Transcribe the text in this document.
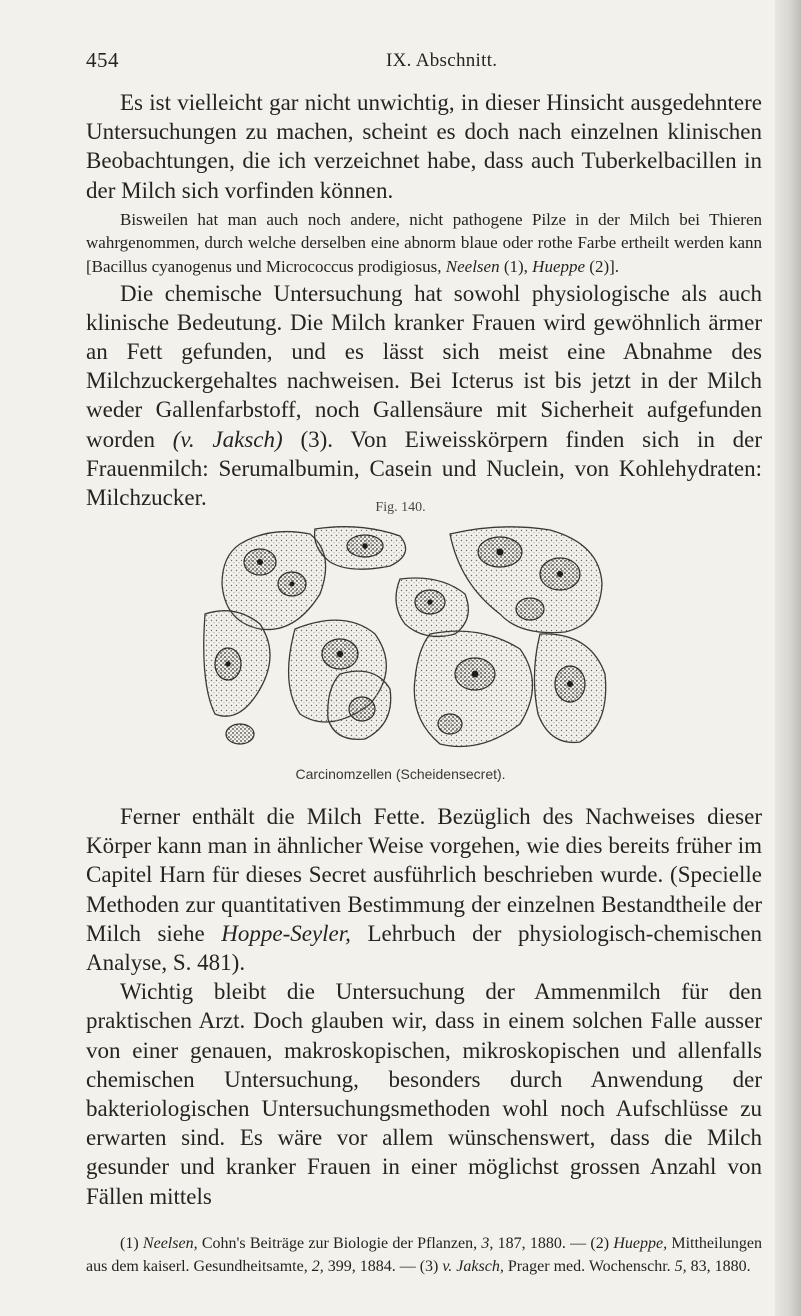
454	IX. Abschnitt.

Es ist vielleicht gar nicht unwichtig, in dieser Hinsicht ausgedehntere Untersuchungen zu machen, scheint es doch nach einzelnen klinischen Beobachtungen, die ich verzeichnet habe, dass auch Tuberkelbacillen in der Milch sich vorfinden können.

Bisweilen hat man auch noch andere, nicht pathogene Pilze in der Milch bei Thieren wahrgenommen, durch welche derselben eine abnorm blaue oder rothe Farbe ertheilt werden kann [Bacillus cyanogenus und Micrococcus prodigiosus, Neelsen (1), Hueppe (2)].

Die chemische Untersuchung hat sowohl physiologische als auch klinische Bedeutung. Die Milch kranker Frauen wird gewöhnlich ärmer an Fett gefunden, und es lässt sich meist eine Abnahme des Milchzuckergehaltes nachweisen. Bei Icterus ist bis jetzt in der Milch weder Gallenfarbstoff, noch Gallensäure mit Sicherheit aufgefunden worden (v. Jaksch) (3). Von Eiweisskörpern finden sich in der Frauenmilch: Serumalbumin, Casein und Nuclein, von Kohlehydraten: Milchzucker.	Fig. 140.
Carcinomzellen (Scheidensecret).

Ferner enthält die Milch Fette. Bezüglich des Nachweises dieser Körper kann man in ähnlicher Weise vorgehen, wie dies bereits früher im Capitel Harn für dieses Secret ausführlich beschrieben wurde. (Specielle Methoden zur quantitativen Bestimmung der einzelnen Bestandtheile der Milch siehe Hoppe-Seyler, Lehrbuch der physiologisch-chemischen Analyse, S. 481).

Wichtig bleibt die Untersuchung der Ammenmilch für den praktischen Arzt. Doch glauben wir, dass in einem solchen Falle ausser von einer genauen, makroskopischen, mikroskopischen und allenfalls chemischen Untersuchung, besonders durch Anwendung der bakteriologischen Untersuchungsmethoden wohl noch Aufschlüsse zu erwarten sind. Es wäre vor allem wünschenswert, dass die Milch gesunder und kranker Frauen in einer möglichst grossen Anzahl von Fällen mittels

(1) Neelsen, Cohn's Beiträge zur Biologie der Pflanzen, 3, 187, 1880. — (2) Hueppe, Mittheilungen aus dem kaiserl. Gesundheitsamte, 2, 399, 1884. — (3) v. Jaksch, Prager med. Wochenschr. 5, 83, 1880.
